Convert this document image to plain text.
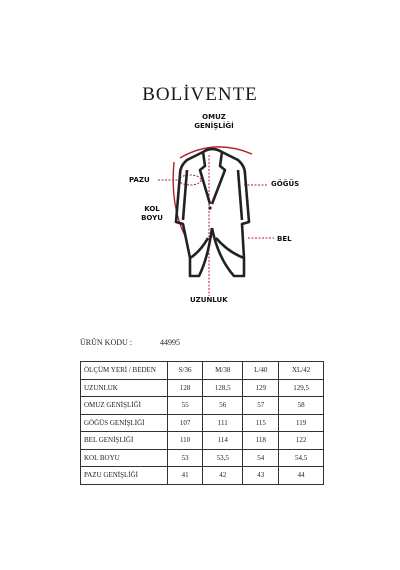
BOLİVENTE
OMUZ
GENİŞLİĞİ
PAZU	GÖĞÜS
KOL
BOYU
BEL
UZUNLUK
ÜRÜN KODU :	44995
ÖLÇÜM YERİ / BEDEN	S/36	M/38	L/40	XL/42
UZUNLUK	128	128,5	129	129,5
OMUZ GENİŞLİĞİ	55	56	57	58
GÖĞÜS GENİŞLİĞİ	107	111	115	119
BEL GENİŞLİĞİ	110	114	118	122
KOL BOYU	53	53,5	54	54,5
PAZU GENİŞLİĞİ	41	42	43	44
